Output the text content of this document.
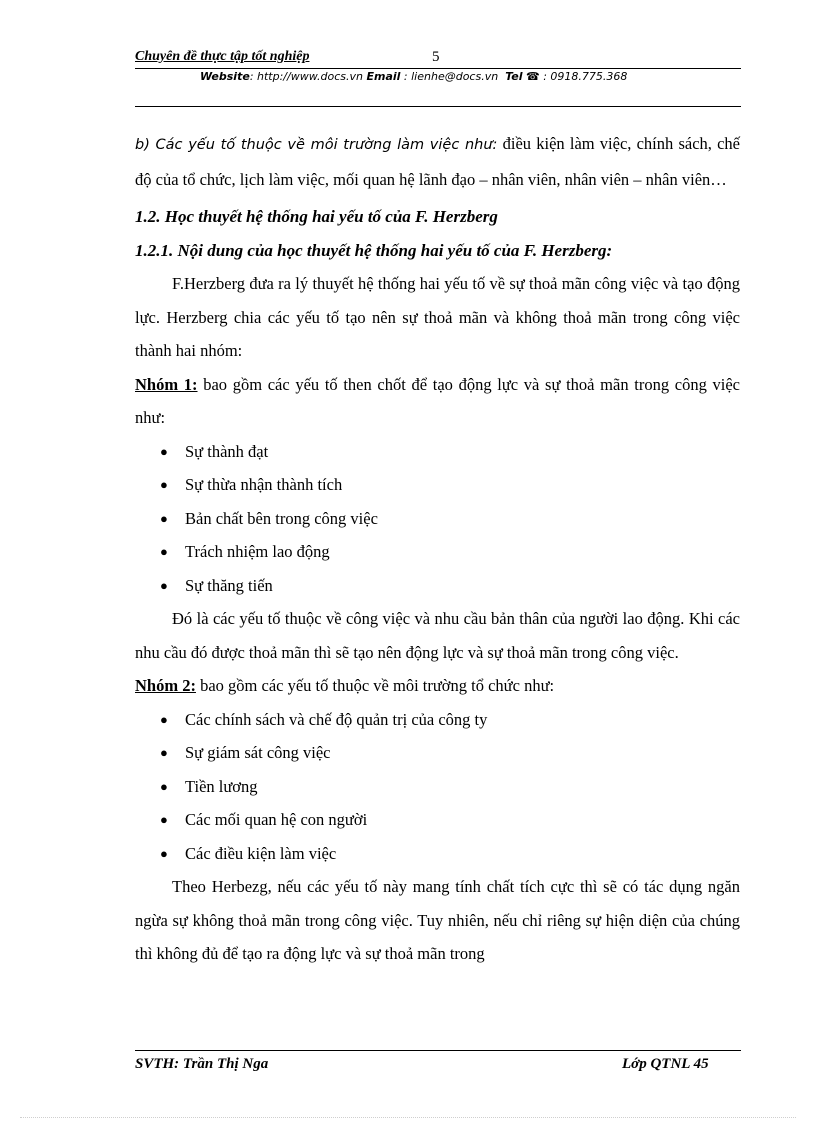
Chuyên đề thực tập tốt nghiệp	5
Website: http://www.docs.vn Email : lienhe@docs.vn Tel ☎ : 0918.775.368

b) Các yếu tố thuộc về môi trường làm việc như: điều kiện làm việc, chính sách, chế độ của tổ chức, lịch làm việc, mối quan hệ lãnh đạo – nhân viên, nhân viên – nhân viên…

1.2. Học thuyết hệ thống hai yếu tố của F. Herzberg

1.2.1. Nội dung của học thuyết hệ thống hai yếu tố của F. Herzberg:

F.Herzberg đưa ra lý thuyết hệ thống hai yếu tố về sự thoả mãn công việc và tạo động lực. Herzberg chia các yếu tố tạo nên sự thoả mãn và không thoả mãn trong công việc thành hai nhóm:

Nhóm 1: bao gồm các yếu tố then chốt để tạo động lực và sự thoả mãn trong công việc như:

● Sự thành đạt
● Sự thừa nhận thành tích
● Bản chất bên trong công việc
● Trách nhiệm lao động
● Sự thăng tiến

Đó là các yếu tố thuộc về công việc và nhu cầu bản thân của người lao động. Khi các nhu cầu đó được thoả mãn thì sẽ tạo nên động lực và sự thoả mãn trong công việc.

Nhóm 2: bao gồm các yếu tố thuộc về môi trường tổ chức như:

● Các chính sách và chế độ quản trị của công ty
● Sự giám sát công việc
● Tiền lương
● Các mối quan hệ con người
● Các điều kiện làm việc

Theo Herbezg, nếu các yếu tố này mang tính chất tích cực thì sẽ có tác dụng ngăn ngừa sự không thoả mãn trong công việc. Tuy nhiên, nếu chỉ riêng sự hiện diện của chúng thì không đủ để tạo ra động lực và sự thoả mãn trong

SVTH: Trần Thị Nga	Lớp QTNL 45
